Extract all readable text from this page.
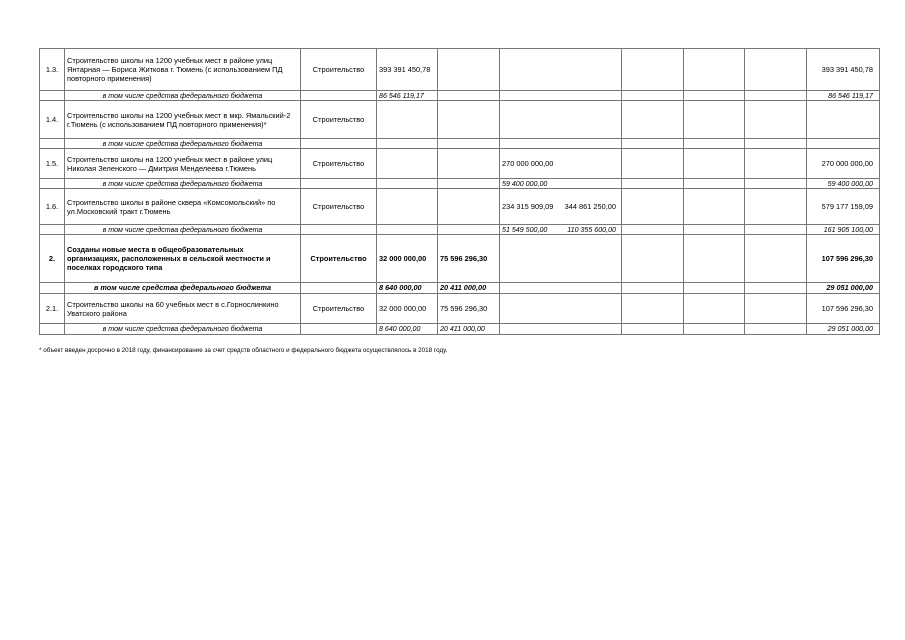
1.3.	Строительство школы на 1200 учебных мест в районе улиц Янтарная — Бориса Житкова г. Тюмень (с использованием ПД повторного применения)	Строительство	393 391 450,78						393 391 450,78
	в том числе средства федерального бюджета		86 546 119,17						86 546 119,17
1.4.	Строительство школы на 1200 учебных мест в мкр. Ямальский-2 г.Тюмень (с использованием ПД повторного применения)*	Строительство			

	в том числе средства федерального бюджета				

1.5.	Строительство школы на 1200 учебных мест в районе улиц Николая Зеленского — Дмитрия Менделеева г.Тюмень	Строительство			270 000 000,00				270 000 000,00
	в том числе средства федерального бюджета				59 400 000,00				59 400 000,00
1.6.	Строительство школы в районе сквера «Комсомольский» по ул.Московский тракт г.Тюмень	Строительство			234 315 909,09 344 861 250,00				579 177 159,09
	в том числе средства федерального бюджета				51 549 500,00 110 355 600,00				161 905 100,00
2.	Созданы новые места в общеобразовательных организациях, расположенных в сельской местности и поселках городского типа	Строительство	32 000 000,00	75 596 296,30					107 596 296,30
	в том числе средства федерального бюджета		8 640 000,00	20 411 000,00					29 051 000,00
2.1.	Строительство школы на 60 учебных мест в с.Горнослинкино Уватского района	Строительство	32 000 000,00	75 596 296,30					107 596 296,30
	в том числе средства федерального бюджета		8 640 000,00	20 411 000,00					29 051 000,00
* объект введен досрочно в 2018 году, финансирование за счет средств областного и федерального бюджета осуществлялось в 2018 году.
